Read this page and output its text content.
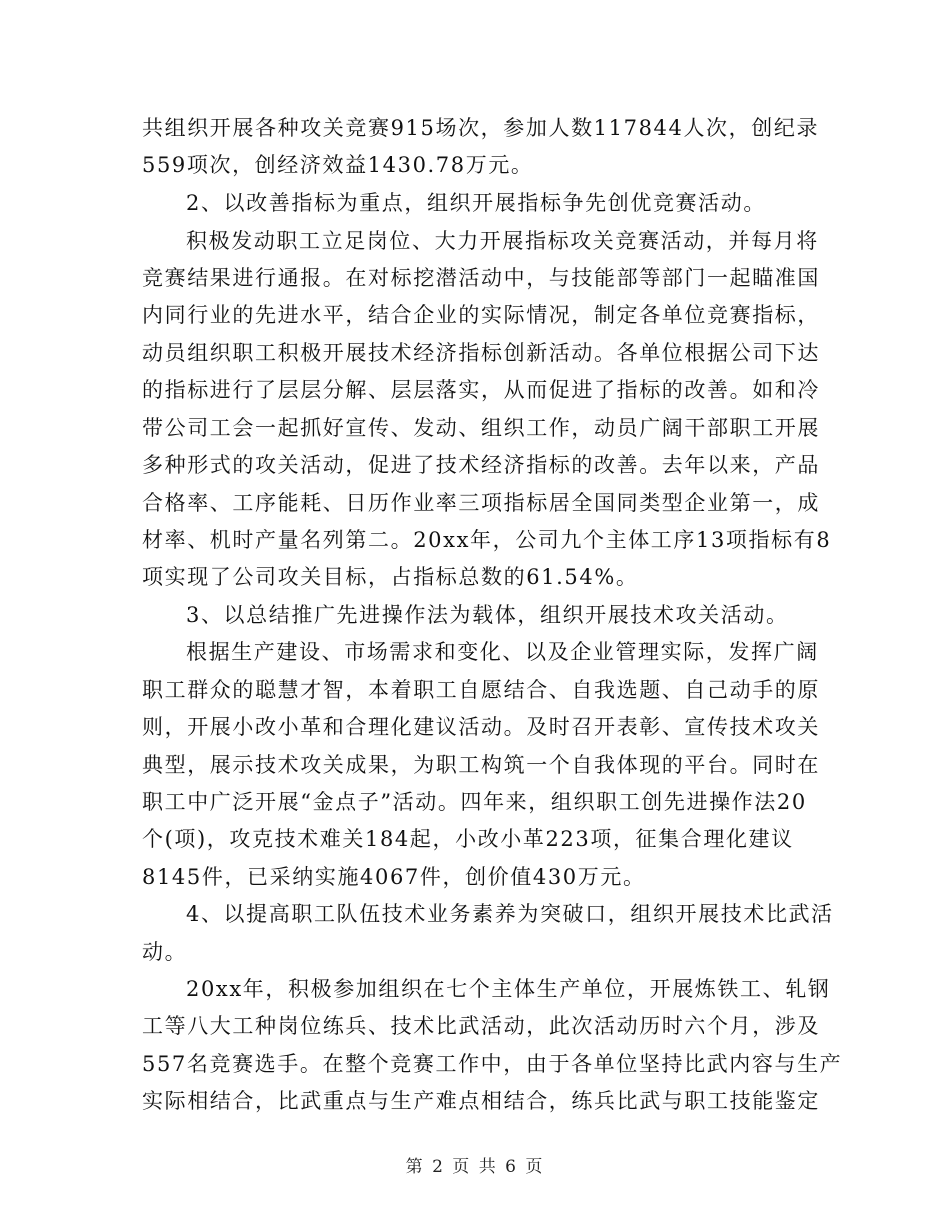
共组织开展各种攻关竞赛915场次，参加人数117844人次，创纪录
559项次，创经济效益1430.78万元。
2、以改善指标为重点，组织开展指标争先创优竞赛活动。
积极发动职工立足岗位、大力开展指标攻关竞赛活动，并每月将
竞赛结果进行通报。在对标挖潜活动中，与技能部等部门一起瞄准国
内同行业的先进水平，结合企业的实际情况，制定各单位竞赛指标，
动员组织职工积极开展技术经济指标创新活动。各单位根据公司下达
的指标进行了层层分解、层层落实，从而促进了指标的改善。如和冷
带公司工会一起抓好宣传、发动、组织工作，动员广阔干部职工开展
多种形式的攻关活动，促进了技术经济指标的改善。去年以来，产品
合格率、工序能耗、日历作业率三项指标居全国同类型企业第一，成
材率、机时产量名列第二。20xx年，公司九个主体工序13项指标有8
项实现了公司攻关目标，占指标总数的61.54%。
3、以总结推广先进操作法为载体，组织开展技术攻关活动。
根据生产建设、市场需求和变化、以及企业管理实际，发挥广阔
职工群众的聪慧才智，本着职工自愿结合、自我选题、自己动手的原
则，开展小改小革和合理化建议活动。及时召开表彰、宣传技术攻关
典型，展示技术攻关成果，为职工构筑一个自我体现的平台。同时在
职工中广泛开展“金点子”活动。四年来，组织职工创先进操作法20
个(项)，攻克技术难关184起，小改小革223项，征集合理化建议
8145件，已采纳实施4067件，创价值430万元。
4、以提高职工队伍技术业务素养为突破口，组织开展技术比武活
动。
20xx年，积极参加组织在七个主体生产单位，开展炼铁工、轧钢
工等八大工种岗位练兵、技术比武活动，此次活动历时六个月，涉及
557名竞赛选手。在整个竞赛工作中，由于各单位坚持比武内容与生产
实际相结合，比武重点与生产难点相结合，练兵比武与职工技能鉴定
第 2 页 共 6 页
